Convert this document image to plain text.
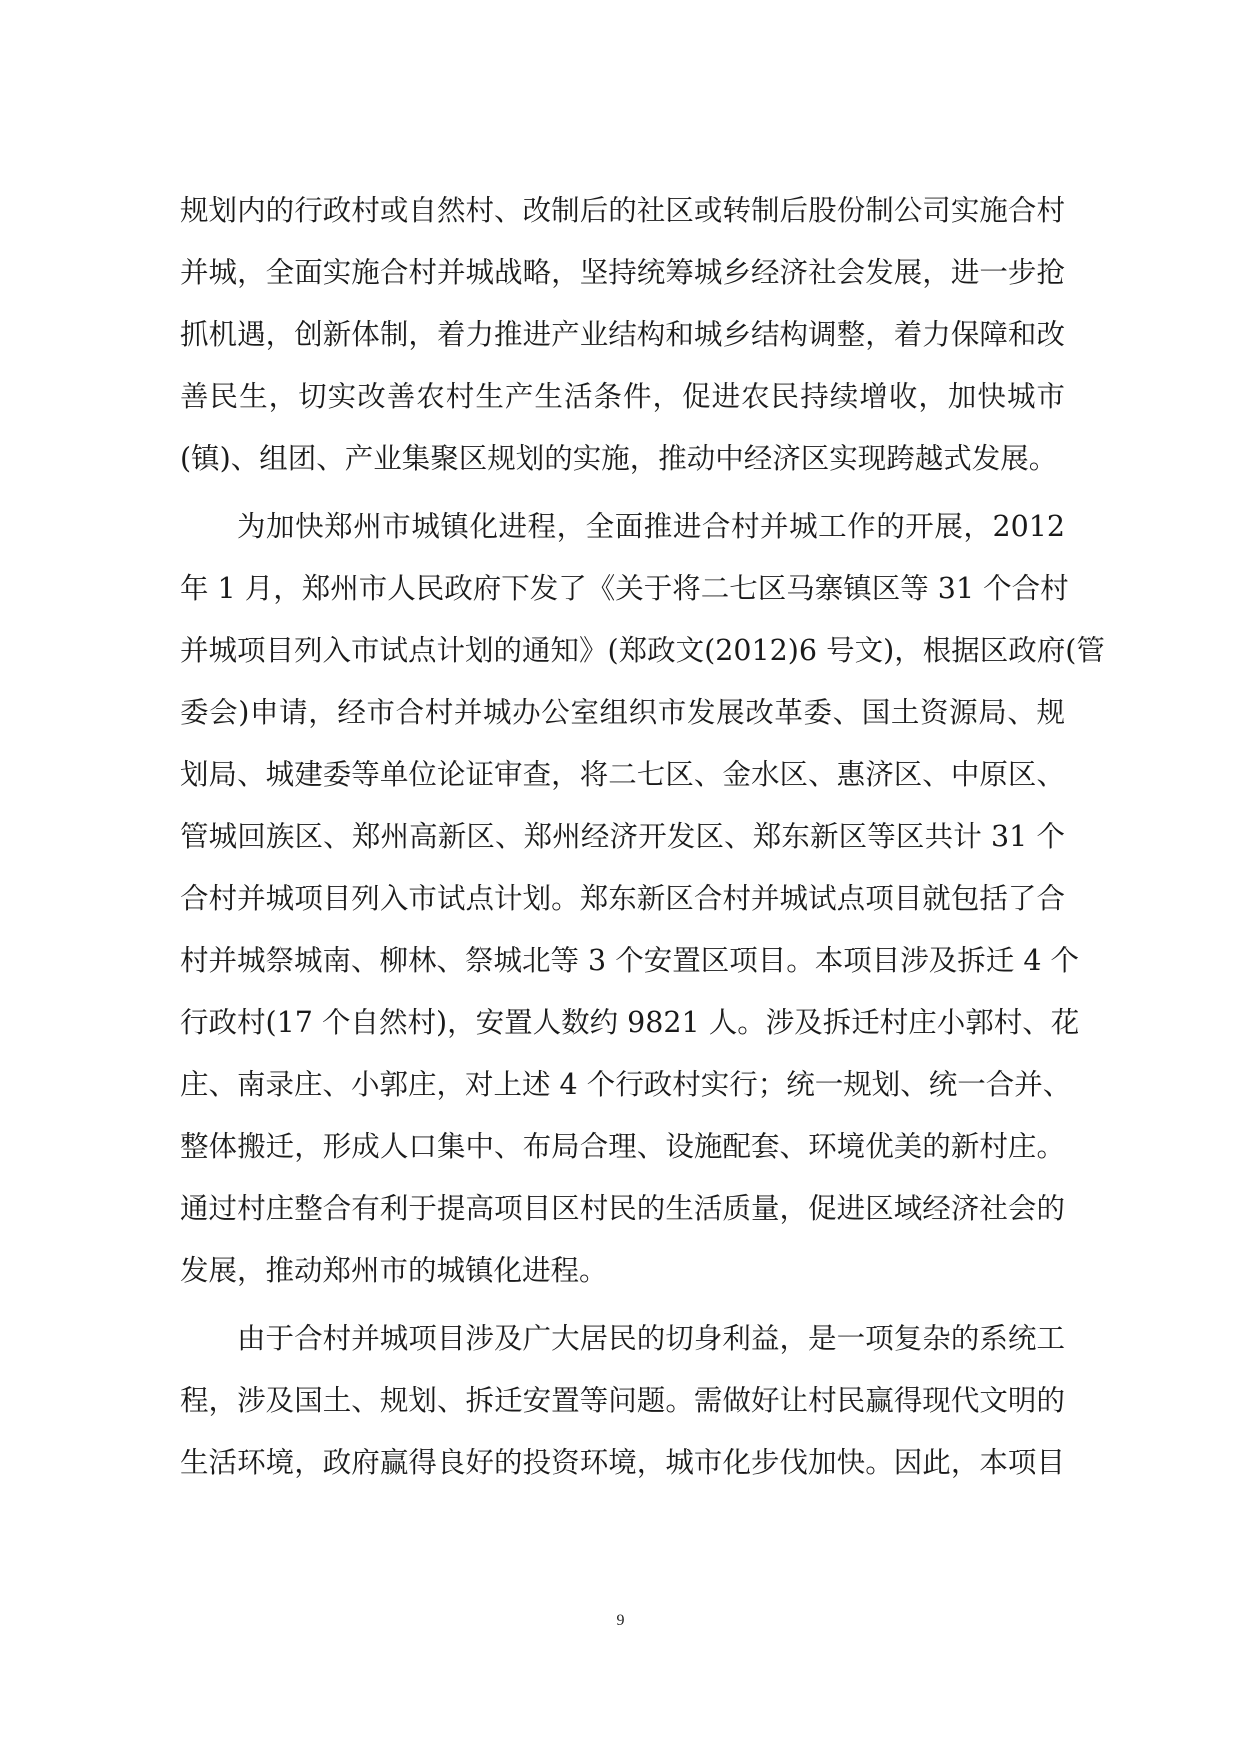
规划内的行政村或自然村、改制后的社区或转制后股份制公司实施合村
并城，全面实施合村并城战略，坚持统筹城乡经济社会发展，进一步抢
抓机遇，创新体制，着力推进产业结构和城乡结构调整，着力保障和改
善民生，切实改善农村生产生活条件，促进农民持续增收，加快城市
(镇)、组团、产业集聚区规划的实施，推动中经济区实现跨越式发展。
为加快郑州市城镇化进程，全面推进合村并城工作的开展，2012
年 1 月，郑州市人民政府下发了《关于将二七区马寨镇区等 31 个合村
并城项目列入市试点计划的通知》(郑政文(2012)6 号文)，根据区政府(管
委会)申请，经市合村并城办公室组织市发展改革委、国土资源局、规
划局、城建委等单位论证审查，将二七区、金水区、惠济区、中原区、
管城回族区、郑州高新区、郑州经济开发区、郑东新区等区共计 31 个
合村并城项目列入市试点计划。郑东新区合村并城试点项目就包括了合
村并城祭城南、柳林、祭城北等 3 个安置区项目。本项目涉及拆迁 4 个
行政村(17 个自然村)，安置人数约 9821 人。涉及拆迁村庄小郭村、花
庄、南录庄、小郭庄，对上述 4 个行政村实行；统一规划、统一合并、
整体搬迁，形成人口集中、布局合理、设施配套、环境优美的新村庄。
通过村庄整合有利于提高项目区村民的生活质量，促进区域经济社会的
发展，推动郑州市的城镇化进程。
由于合村并城项目涉及广大居民的切身利益，是一项复杂的系统工
程，涉及国土、规划、拆迁安置等问题。需做好让村民赢得现代文明的
生活环境，政府赢得良好的投资环境，城市化步伐加快。因此，本项目
9
